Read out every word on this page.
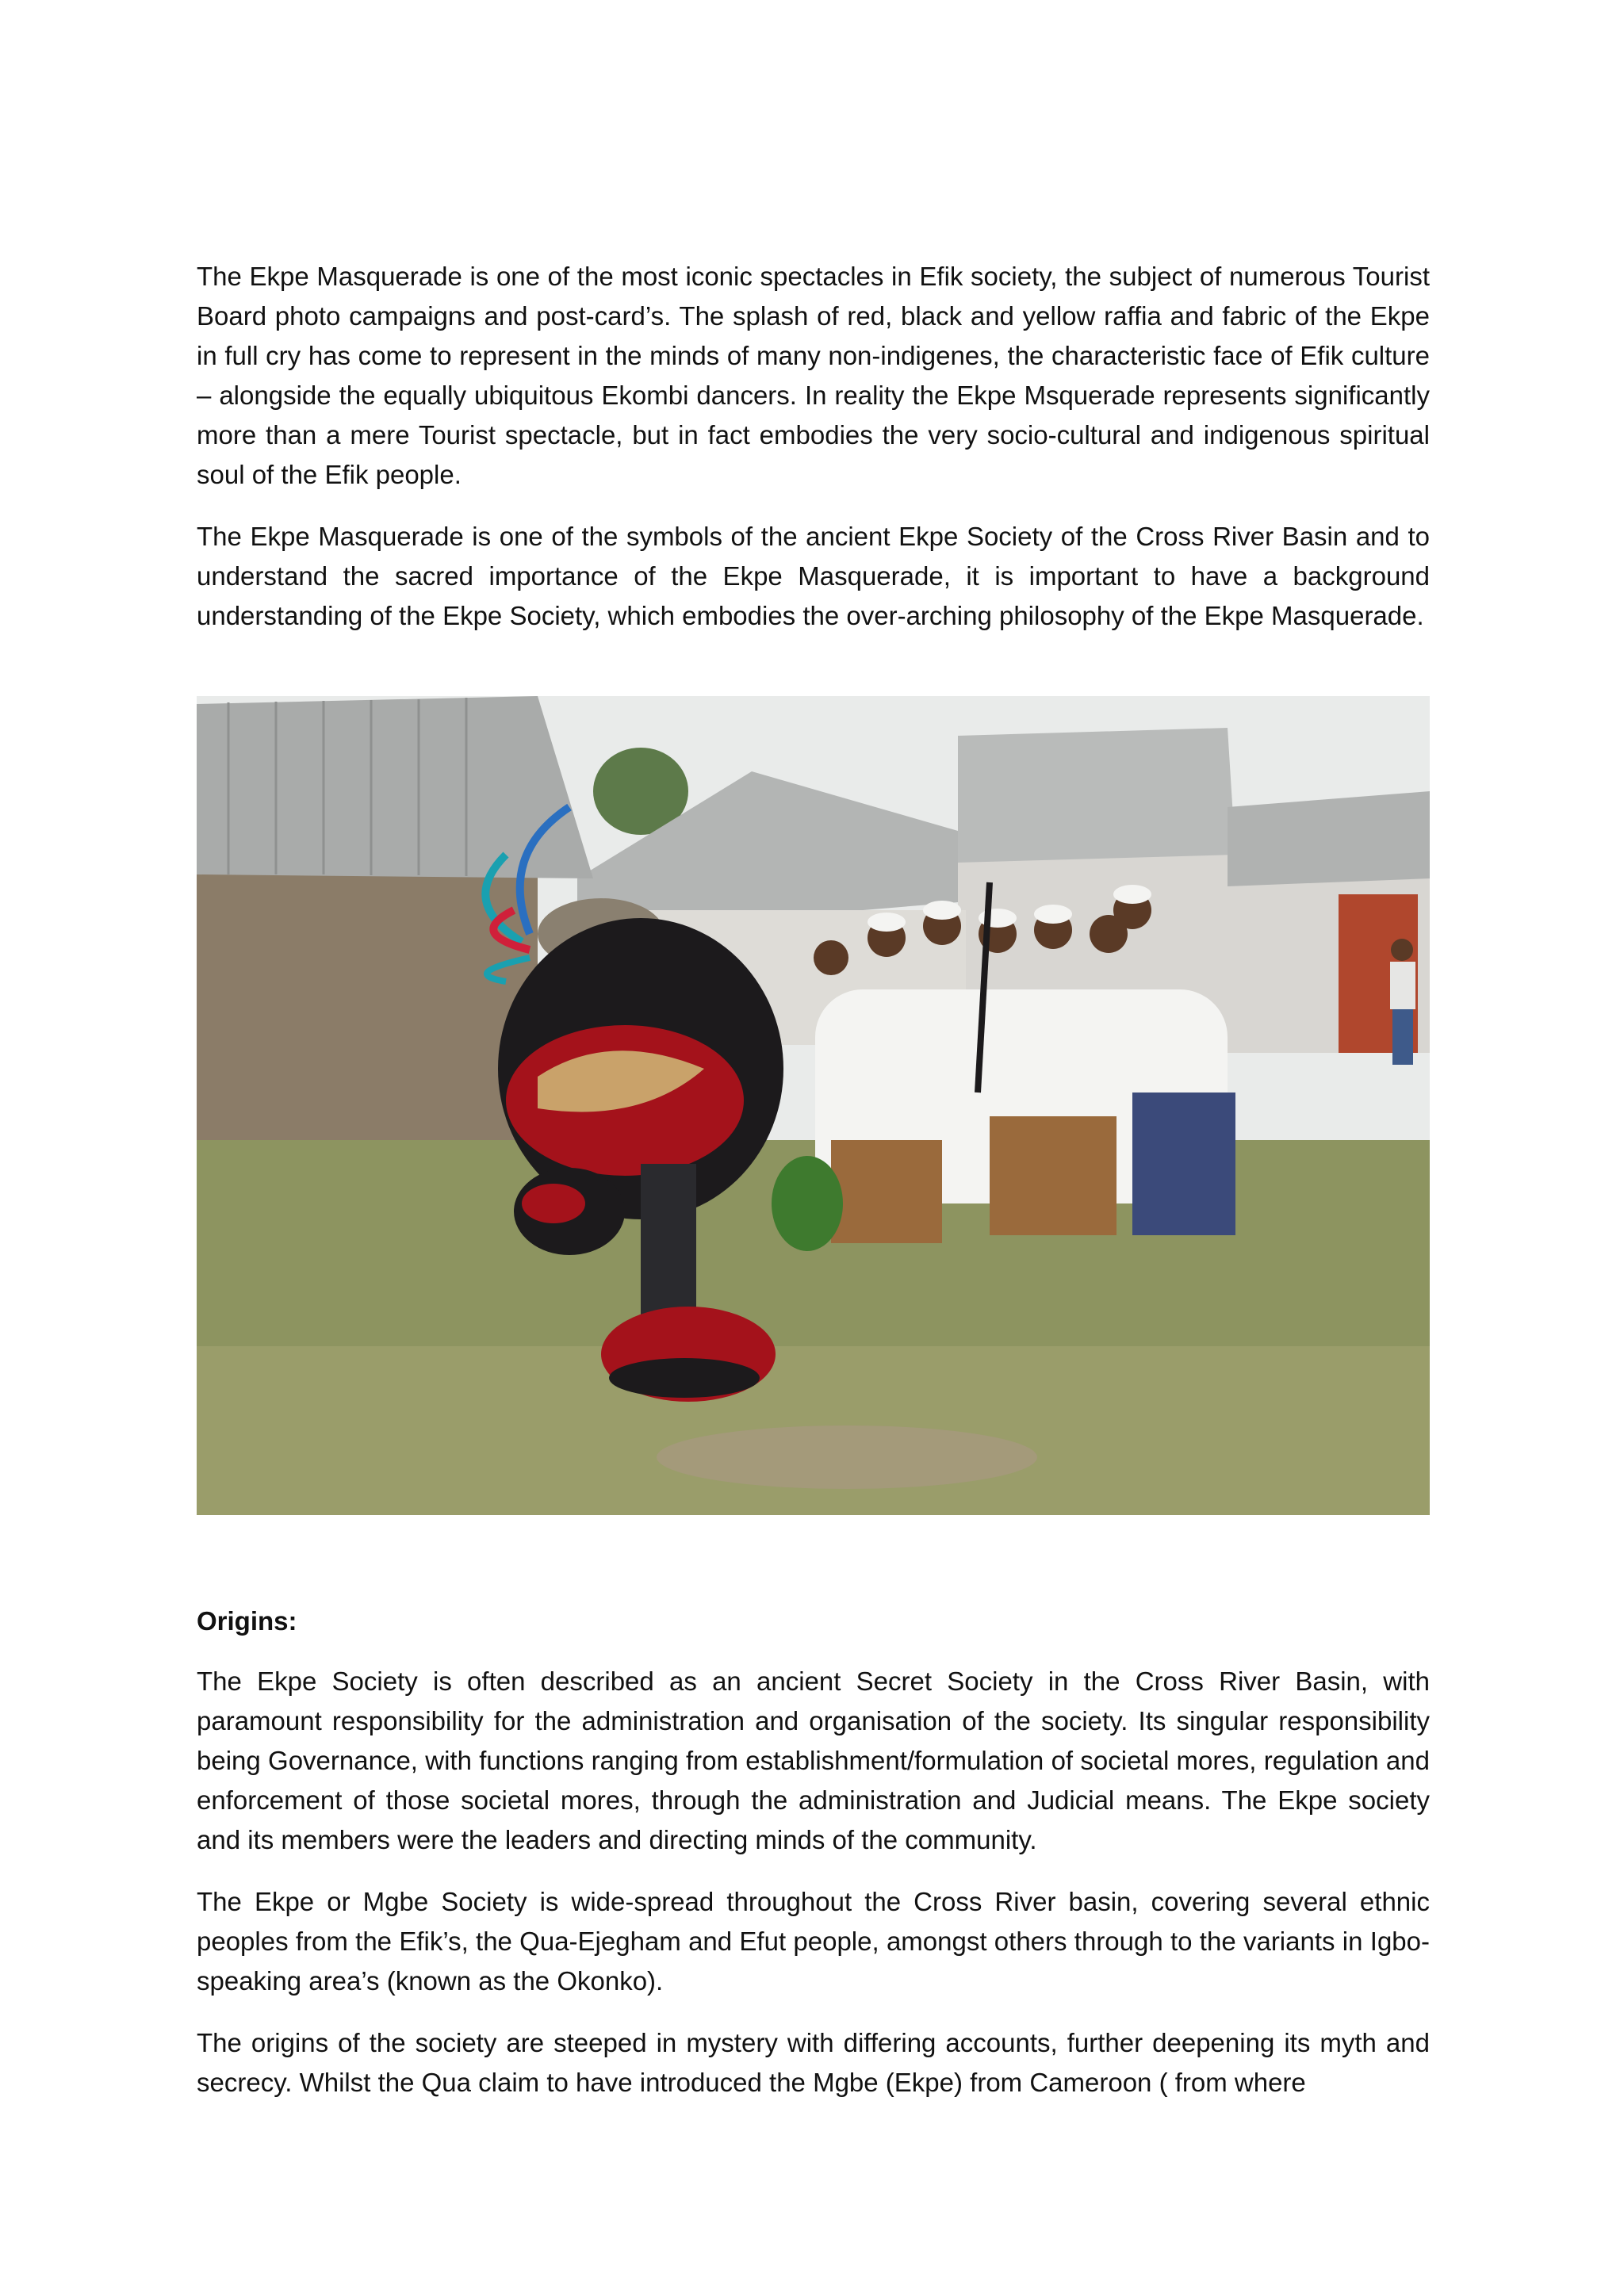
The Ekpe Masquerade is one of the most iconic spectacles in Efik society, the subject of numerous Tourist Board photo campaigns and post-card’s. The splash of red, black and yellow raffia and fabric of the Ekpe in full cry has come to represent in the minds of many non-indigenes, the characteristic face of Efik culture – alongside the equally ubiquitous Ekombi dancers. In reality the Ekpe Msquerade represents significantly more than a mere Tourist spectacle, but in fact embodies the very socio-cultural and indigenous spiritual soul of the Efik people.

The Ekpe Masquerade is one of the symbols of the ancient Ekpe Society of the Cross River Basin and to understand the sacred importance of the Ekpe Masquerade, it is important to have a background understanding of the Ekpe Society, which embodies the over-arching philosophy of the Ekpe Masquerade.

Origins:

The Ekpe Society is often described as an ancient Secret Society in the Cross River Basin, with paramount responsibility for the administration and organisation of the society. Its singular responsibility being Governance, with functions ranging from establishment/formulation of societal mores, regulation and enforcement of those societal mores, through the administration and Judicial means. The Ekpe society and its members were the leaders and directing minds of the community.

The Ekpe or Mgbe Society is wide-spread throughout the Cross River basin, covering several ethnic peoples from the Efik’s, the Qua-Ejegham and Efut people, amongst others through to the variants in Igbo-speaking area’s (known as the Okonko).

The origins of the society are steeped in mystery with differing accounts, further deepening its myth and secrecy. Whilst the Qua claim to have introduced the Mgbe (Ekpe) from Cameroon ( from where
